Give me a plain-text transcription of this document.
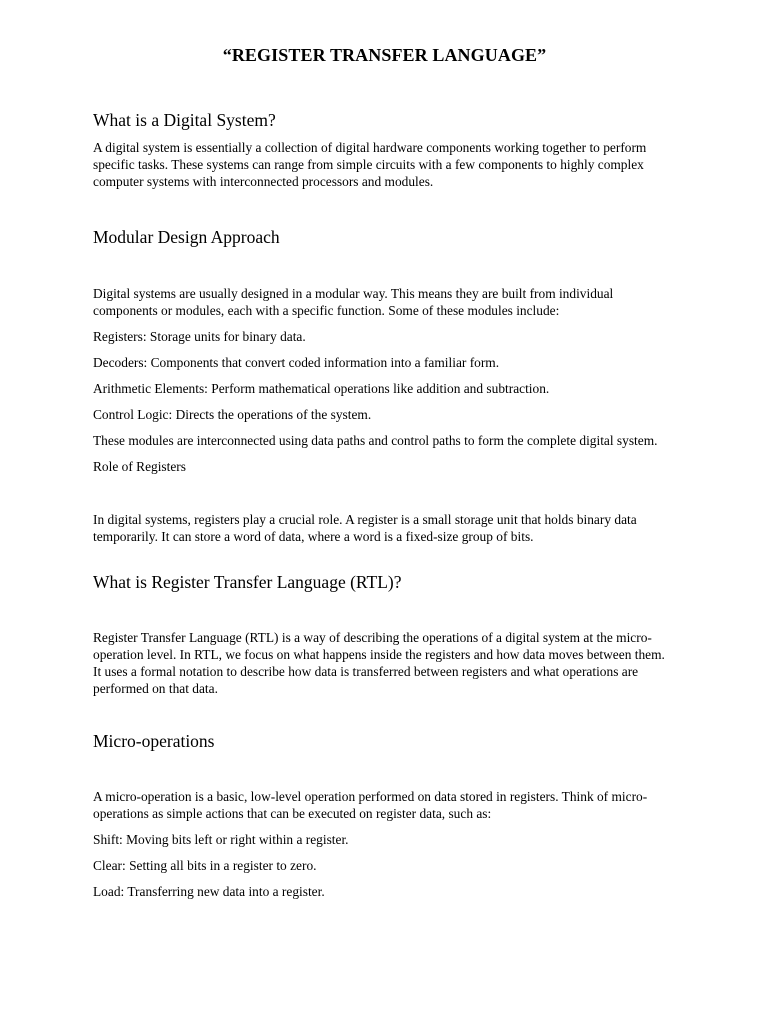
“REGISTER TRANSFER LANGUAGE”
What is a Digital System?

A digital system is essentially a collection of digital hardware components working together to perform specific tasks. These systems can range from simple circuits with a few components to highly complex computer systems with interconnected processors and modules.

Modular Design Approach

Digital systems are usually designed in a modular way. This means they are built from individual components or modules, each with a specific function. Some of these modules include:

Registers: Storage units for binary data.

Decoders: Components that convert coded information into a familiar form.

Arithmetic Elements: Perform mathematical operations like addition and subtraction.

Control Logic: Directs the operations of the system.

These modules are interconnected using data paths and control paths to form the complete digital system.

Role of Registers

In digital systems, registers play a crucial role. A register is a small storage unit that holds binary data temporarily. It can store a word of data, where a word is a fixed-size group of bits.

What is Register Transfer Language (RTL)?

Register Transfer Language (RTL) is a way of describing the operations of a digital system at the micro-operation level. In RTL, we focus on what happens inside the registers and how data moves between them. It uses a formal notation to describe how data is transferred between registers and what operations are performed on that data.

Micro-operations

A micro-operation is a basic, low-level operation performed on data stored in registers. Think of micro-operations as simple actions that can be executed on register data, such as:

Shift: Moving bits left or right within a register.

Clear: Setting all bits in a register to zero.

Load: Transferring new data into a register.
